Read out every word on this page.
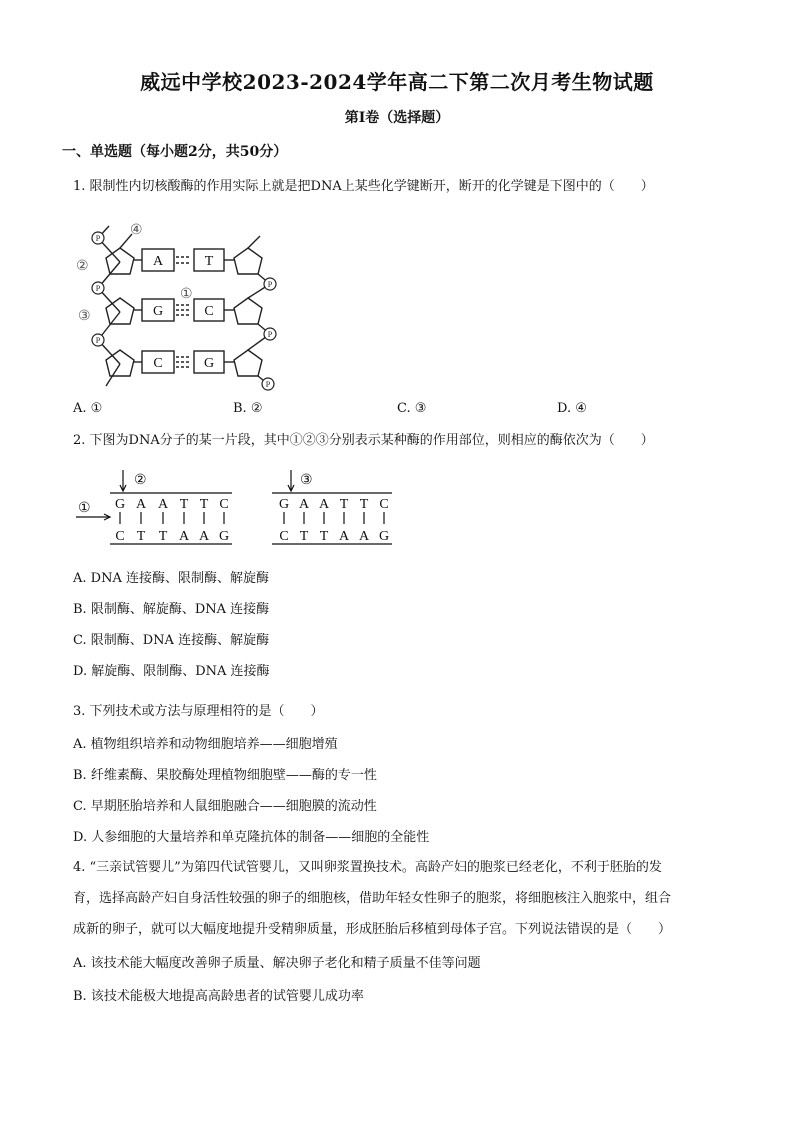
威远中学校2023-2024学年高二下第二次月考生物试题
第I卷（选择题）
一、单选题（每小题2分，共50分）
1. 限制性内切核酸酶的作用实际上就是把DNA上某些化学键断开，断开的化学键是下图中的（　　）
P
P
P
P
P
P
A
G
C
T
C
G
①
②
③
④
A. ①	B. ②	C. ③	D. ④
2. 下图为DNA分子的某一片段，其中①②③分别表示某种酶的作用部位，则相应的酶依次为（　　）
②
①
③
G A A T T C
C T T A A G
G A A T T C
C T T A A G
A. DNA 连接酶、限制酶、解旋酶
B. 限制酶、解旋酶、DNA 连接酶
C. 限制酶、DNA 连接酶、解旋酶
D. 解旋酶、限制酶、DNA 连接酶
3. 下列技术或方法与原理相符的是（　　）
A. 植物组织培养和动物细胞培养——细胞增殖
B. 纤维素酶、果胶酶处理植物细胞壁——酶的专一性
C. 早期胚胎培养和人鼠细胞融合——细胞膜的流动性
D. 人参细胞的大量培养和单克隆抗体的制备——细胞的全能性
4. “三亲试管婴儿”为第四代试管婴儿，又叫卵浆置换技术。高龄产妇的胞浆已经老化，不利于胚胎的发
育，选择高龄产妇自身活性较强的卵子的细胞核，借助年轻女性卵子的胞浆，将细胞核注入胞浆中，组合
成新的卵子，就可以大幅度地提升受精卵质量，形成胚胎后移植到母体子宫。下列说法错误的是（　　）
A. 该技术能大幅度改善卵子质量、解决卵子老化和精子质量不佳等问题
B. 该技术能极大地提高高龄患者的试管婴儿成功率
